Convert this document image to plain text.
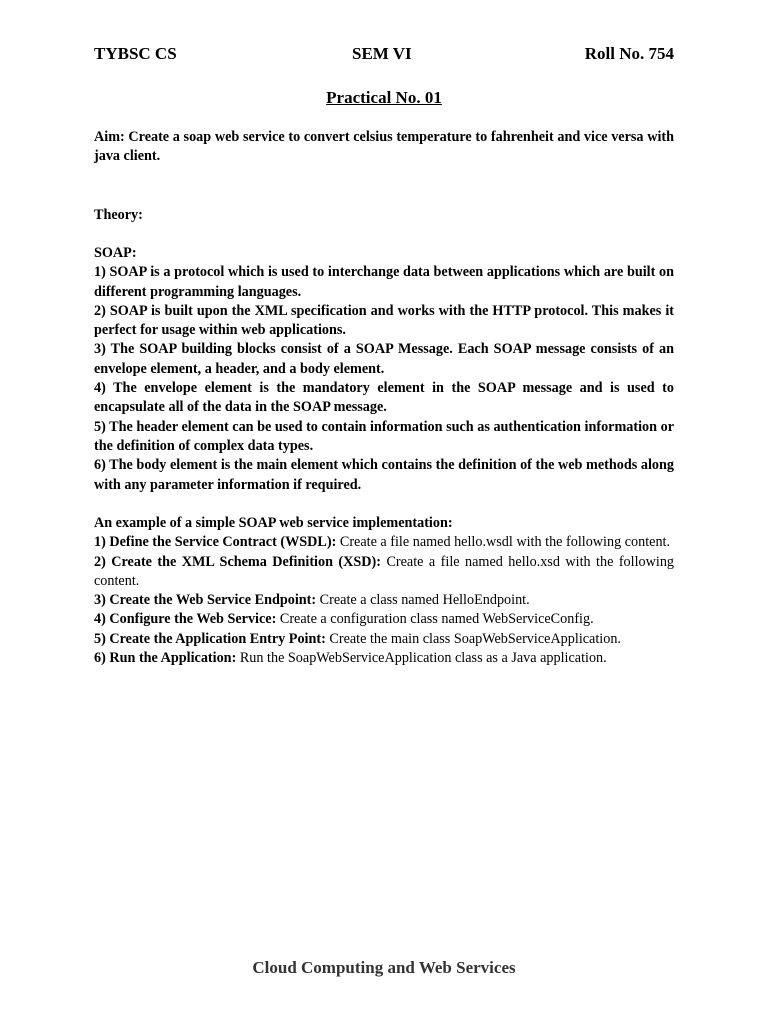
TYBSC CS	SEM VI	Roll No. 754
Practical No. 01

Aim: Create a soap web service to convert celsius temperature to fahrenheit and vice versa with java client.

Theory:

SOAP:

1) SOAP is a protocol which is used to interchange data between applications which are built on different programming languages.

2) SOAP is built upon the XML specification and works with the HTTP protocol. This makes it perfect for usage within web applications.

3) The SOAP building blocks consist of a SOAP Message. Each SOAP message consists of an envelope element, a header, and a body element.

4) The envelope element is the mandatory element in the SOAP message and is used to encapsulate all of the data in the SOAP message.

5) The header element can be used to contain information such as authentication information or the definition of complex data types.

6) The body element is the main element which contains the definition of the web methods along with any parameter information if required.

An example of a simple SOAP web service implementation:

1) Define the Service Contract (WSDL): Create a file named hello.wsdl with the following content.

2) Create the XML Schema Definition (XSD): Create a file named hello.xsd with the following content.

3) Create the Web Service Endpoint: Create a class named HelloEndpoint.

4) Configure the Web Service: Create a configuration class named WebServiceConfig.

5) Create the Application Entry Point: Create the main class SoapWebServiceApplication.

6) Run the Application: Run the SoapWebServiceApplication class as a Java application.

Cloud Computing and Web Services
